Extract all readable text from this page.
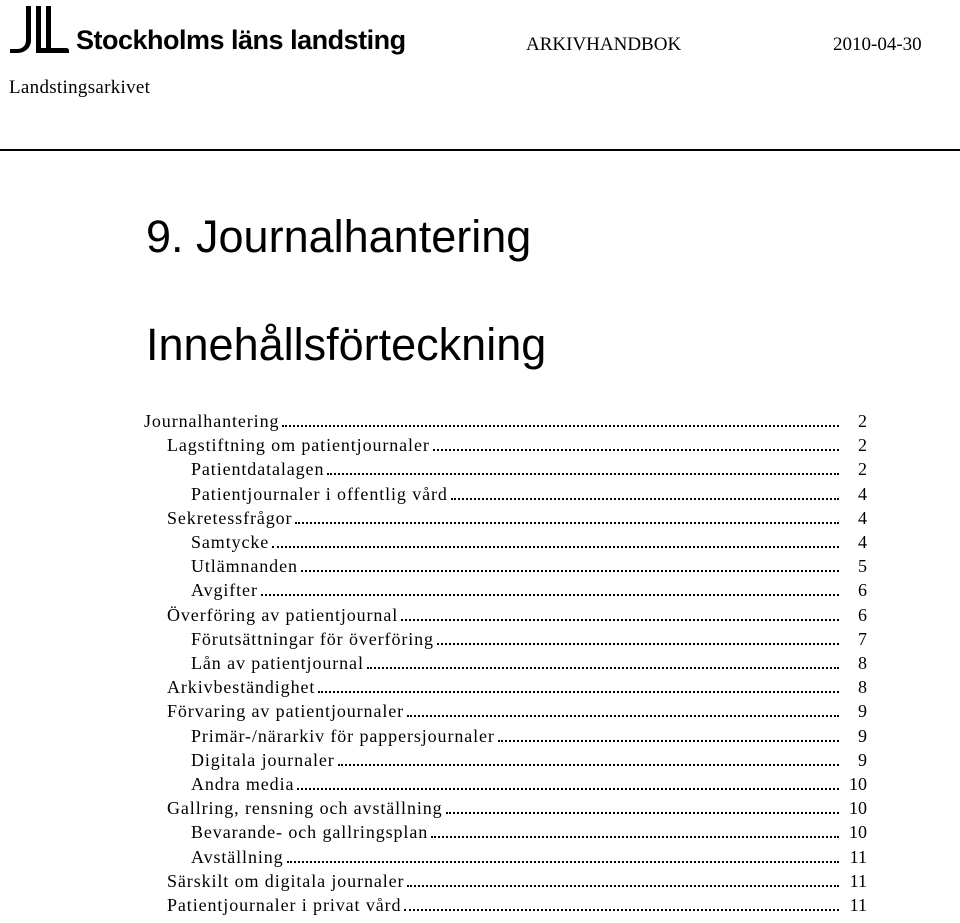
Stockholms läns landsting	ARKIVHANDBOK	2010-04-30
Landstingsarkivet
9. Journalhantering
Innehållsförteckning
Journalhantering	2
Lagstiftning om patientjournaler	2
Patientdatalagen	2
Patientjournaler i offentlig vård	4
Sekretessfrågor	4
Samtycke	4
Utlämnanden	5
Avgifter	6
Överföring av patientjournal	6
Förutsättningar för överföring	7
Lån av patientjournal	8
Arkivbeständighet	8
Förvaring av patientjournaler	9
Primär-/närarkiv för pappersjournaler	9
Digitala journaler	9
Andra media	10
Gallring, rensning och avställning	10
Bevarande- och gallringsplan	10
Avställning	11
Särskilt om digitala journaler	11
Patientjournaler i privat vård	11
